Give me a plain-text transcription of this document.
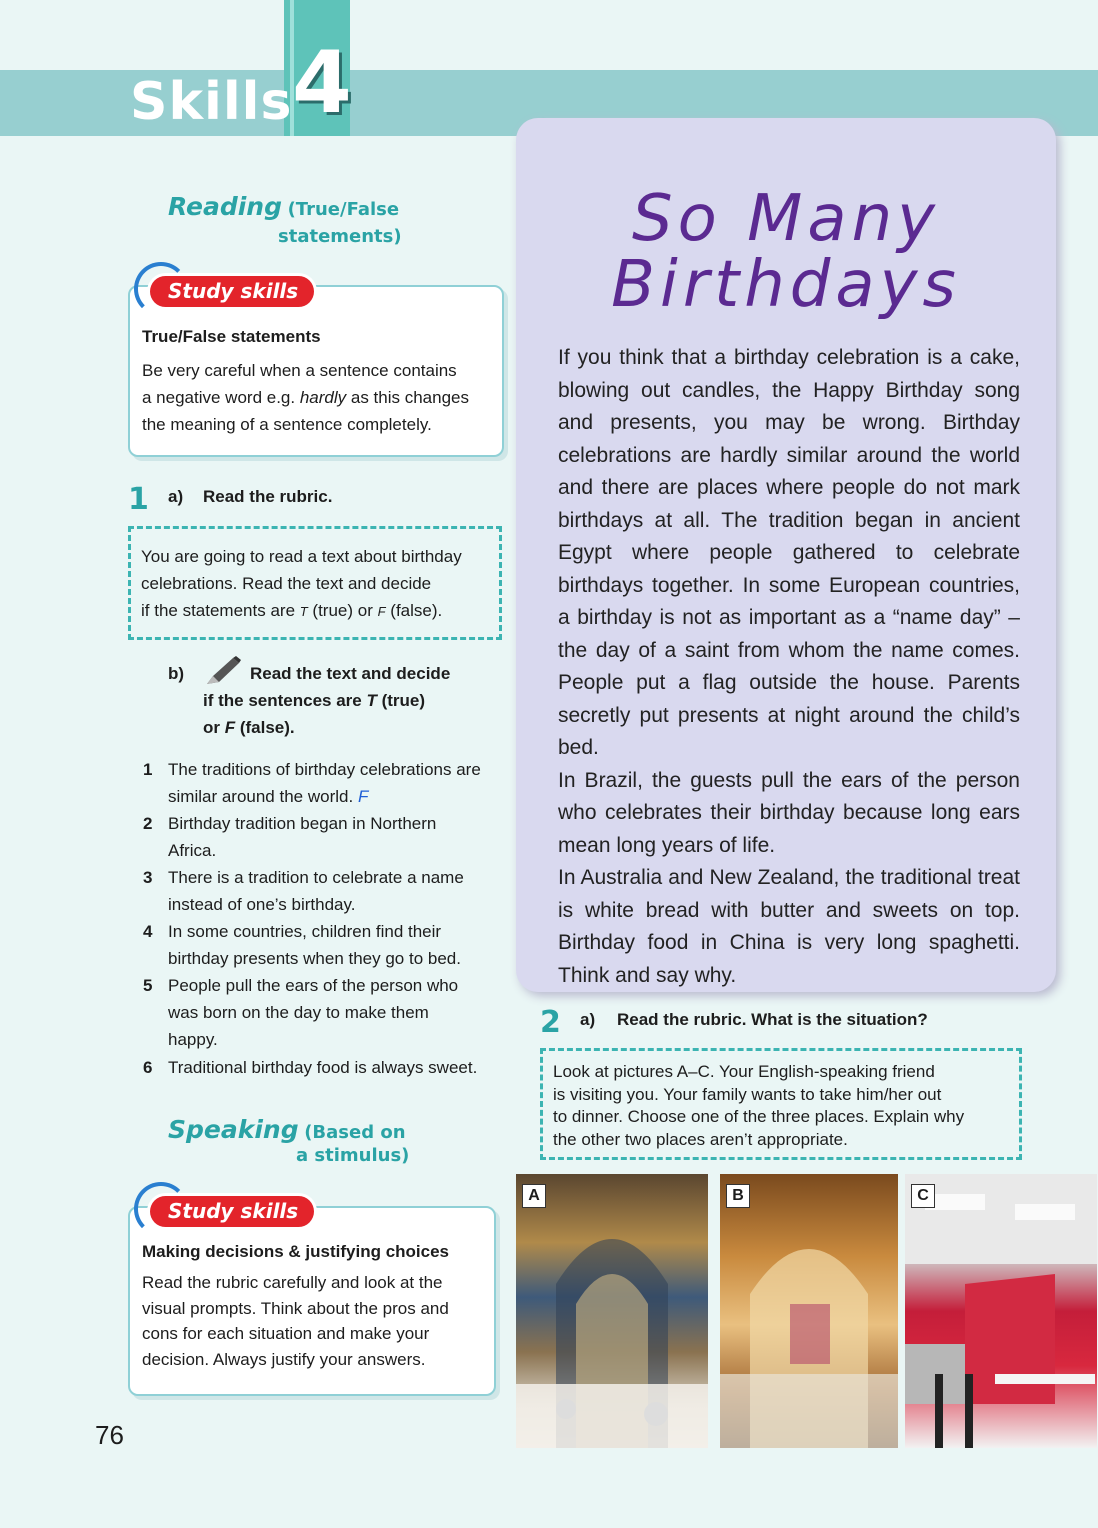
Skills 4
Reading (True/False
statements)
True/False statements
Be very careful when a sentence contains
a negative word e.g. hardly as this changes
the meaning of a sentence completely.
Study skills
1 a) Read the rubric.
You are going to read a text about birthday
celebrations. Read the text and decide
if the statements are T (true) or F (false).
b)	Read the text and decide
if the sentences are T (true)
or F (false).
1 The traditions of birthday celebrations are
similar around the world. F
2 Birthday tradition began in Northern
Africa.
3 There is a tradition to celebrate a name
instead of one’s birthday.
4 In some countries, children find their
birthday presents when they go to bed.
5 People pull the ears of the person who
was born on the day to make them
happy.
6 Traditional birthday food is always sweet.
Speaking (Based on
a stimulus)
Making decisions & justifying choices
Read the rubric carefully and look at the
visual prompts. Think about the pros and
cons for each situation and make your
decision. Always justify your answers.
Study skills
So Many
Birthdays

If you think that a birthday celebration is a cake, blowing out candles, the Happy Birthday song and presents, you may be wrong. Birthday celebrations are hardly similar around the world and there are places where people do not mark birthdays at all. The tradition began in ancient Egypt where people gathered to celebrate birthdays together. In some European countries, a birthday is not as important as a “name day” – the day of a saint from whom the name comes. People put a flag outside the house. Parents secretly put presents at night around the child’s bed.

In Brazil, the guests pull the ears of the person who celebrates their birthday because long ears mean long years of life.

In Australia and New Zealand, the traditional treat is white bread with butter and sweets on top. Birthday food in China is very long spaghetti. Think and say why.

2 a) Read the rubric. What is the situation?
Look at pictures A–C. Your English-speaking friend
is visiting you. Your family wants to take him/her out
to dinner. Choose one of the three places. Explain why
the other two places aren’t appropriate.
A	B	C
76
